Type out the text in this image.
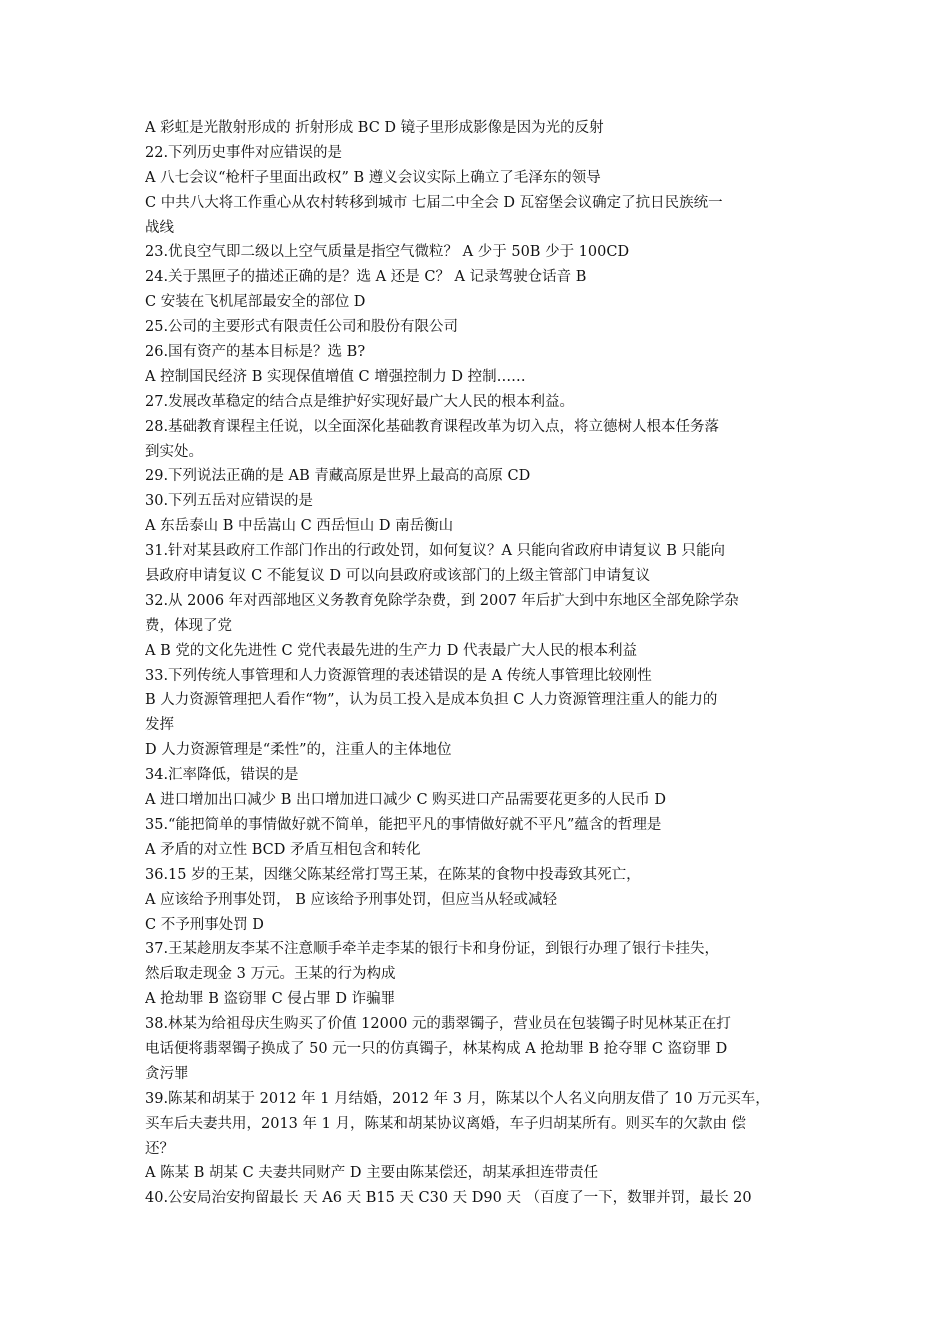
A 彩虹是光散射形成的 折射形成 BC D 镜子里形成影像是因为光的反射
22.下列历史事件对应错误的是
A 八七会议“枪杆子里面出政权” B 遵义会议实际上确立了毛泽东的领导
C 中共八大将工作重心从农村转移到城市 七届二中全会 D 瓦窑堡会议确定了抗日民族统一
战线
23.优良空气即二级以上空气质量是指空气微粒？ A 少于 50B 少于 100CD
24.关于黑匣子的描述正确的是？选 A 还是 C？ A 记录驾驶仓话音 B
C 安装在飞机尾部最安全的部位 D
25.公司的主要形式有限责任公司和股份有限公司
26.国有资产的基本目标是？选 B?
A 控制国民经济 B 实现保值增值 C 增强控制力 D 控制……
27.发展改革稳定的结合点是维护好实现好最广大人民的根本利益。
28.基础教育课程主任说，以全面深化基础教育课程改革为切入点，将立德树人根本任务落
到实处。
29.下列说法正确的是 AB 青藏高原是世界上最高的高原 CD
30.下列五岳对应错误的是
A 东岳泰山 B 中岳嵩山 C 西岳恒山 D 南岳衡山
31.针对某县政府工作部门作出的行政处罚，如何复议？A 只能向省政府申请复议 B 只能向
县政府申请复议 C 不能复议 D 可以向县政府或该部门的上级主管部门申请复议
32.从 2006 年对西部地区义务教育免除学杂费，到 2007 年后扩大到中东地区全部免除学杂
费，体现了党
A B 党的文化先进性 C 党代表最先进的生产力 D 代表最广大人民的根本利益
33.下列传统人事管理和人力资源管理的表述错误的是 A 传统人事管理比较刚性
B 人力资源管理把人看作“物”，认为员工投入是成本负担 C 人力资源管理注重人的能力的
发挥
D 人力资源管理是“柔性”的，注重人的主体地位
34.汇率降低，错误的是
A 进口增加出口减少 B 出口增加进口减少 C 购买进口产品需要花更多的人民币 D
35.“能把简单的事情做好就不简单，能把平凡的事情做好就不平凡”蕴含的哲理是
A 矛盾的对立性 BCD 矛盾互相包含和转化
36.15 岁的王某，因继父陈某经常打骂王某，在陈某的食物中投毒致其死亡，
A 应该给予刑事处罚， B 应该给予刑事处罚，但应当从轻或减轻
C 不予刑事处罚 D
37.王某趁朋友李某不注意顺手牵羊走李某的银行卡和身份证，到银行办理了银行卡挂失，
然后取走现金 3 万元。王某的行为构成
A 抢劫罪 B 盗窃罪 C 侵占罪 D 诈骗罪
38.林某为给祖母庆生购买了价值 12000 元的翡翠镯子，营业员在包装镯子时见林某正在打
电话便将翡翠镯子换成了 50 元一只的仿真镯子，林某构成 A 抢劫罪 B 抢夺罪 C 盗窃罪 D
贪污罪
39.陈某和胡某于 2012 年 1 月结婚，2012 年 3 月，陈某以个人名义向朋友借了 10 万元买车，
买车后夫妻共用，2013 年 1 月，陈某和胡某协议离婚，车子归胡某所有。则买车的欠款由 偿
还？
A 陈某 B 胡某 C 夫妻共同财产 D 主要由陈某偿还，胡某承担连带责任
40.公安局治安拘留最长 天 A6 天 B15 天 C30 天 D90 天 （百度了一下，数罪并罚，最长 20
